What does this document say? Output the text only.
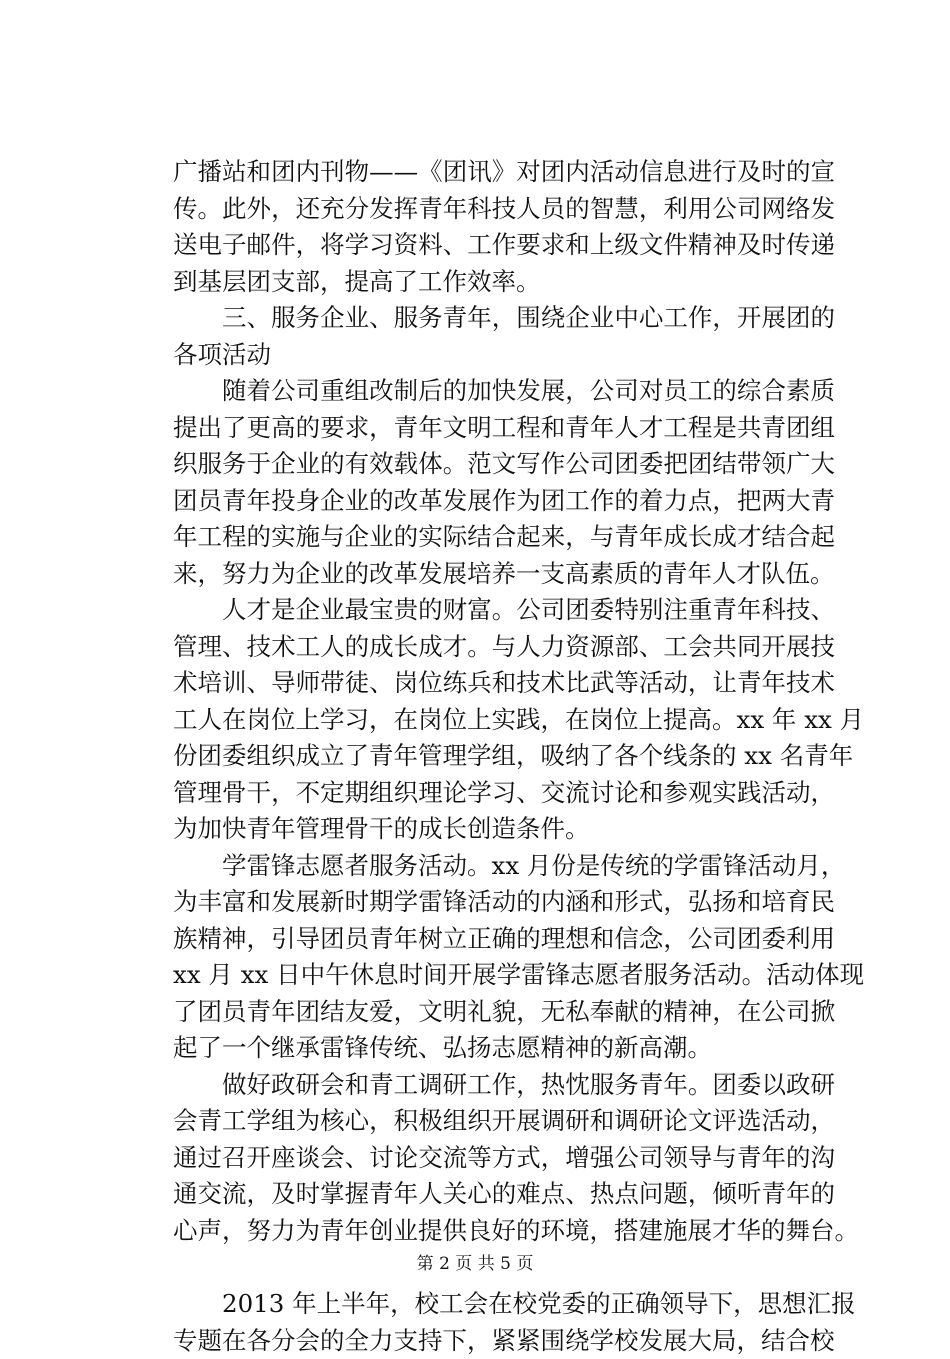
广播站和团内刊物——《团讯》对团内活动信息进行及时的宣
传。此外，还充分发挥青年科技人员的智慧，利用公司网络发
送电子邮件，将学习资料、工作要求和上级文件精神及时传递
到基层团支部，提高了工作效率。
三、服务企业、服务青年，围绕企业中心工作，开展团的
各项活动
随着公司重组改制后的加快发展，公司对员工的综合素质
提出了更高的要求，青年文明工程和青年人才工程是共青团组
织服务于企业的有效载体。范文写作公司团委把团结带领广大
团员青年投身企业的改革发展作为团工作的着力点，把两大青
年工程的实施与企业的实际结合起来，与青年成长成才结合起
来，努力为企业的改革发展培养一支高素质的青年人才队伍。
人才是企业最宝贵的财富。公司团委特别注重青年科技、
管理、技术工人的成长成才。与人力资源部、工会共同开展技
术培训、导师带徒、岗位练兵和技术比武等活动，让青年技术
工人在岗位上学习，在岗位上实践，在岗位上提高。xx 年 xx 月
份团委组织成立了青年管理学组，吸纳了各个线条的 xx 名青年
管理骨干，不定期组织理论学习、交流讨论和参观实践活动，
为加快青年管理骨干的成长创造条件。
学雷锋志愿者服务活动。xx 月份是传统的学雷锋活动月，
为丰富和发展新时期学雷锋活动的内涵和形式，弘扬和培育民
族精神，引导团员青年树立正确的理想和信念，公司团委利用
xx 月 xx 日中午休息时间开展学雷锋志愿者服务活动。活动体现
了团员青年团结友爱，文明礼貌，无私奉献的精神，在公司掀
起了一个继承雷锋传统、弘扬志愿精神的新高潮。
做好政研会和青工调研工作，热忱服务青年。团委以政研
会青工学组为核心，积极组织开展调研和调研论文评选活动，
通过召开座谈会、讨论交流等方式，增强公司领导与青年的沟
通交流，及时掌握青年人关心的难点、热点问题，倾听青年的
心声，努力为青年创业提供良好的环境，搭建施展才华的舞台。
2013 年上半年，校工会在校党委的正确领导下，思想汇报
专题在各分会的全力支持下，紧紧围绕学校发展大局，结合校
第 2 页 共 5 页
